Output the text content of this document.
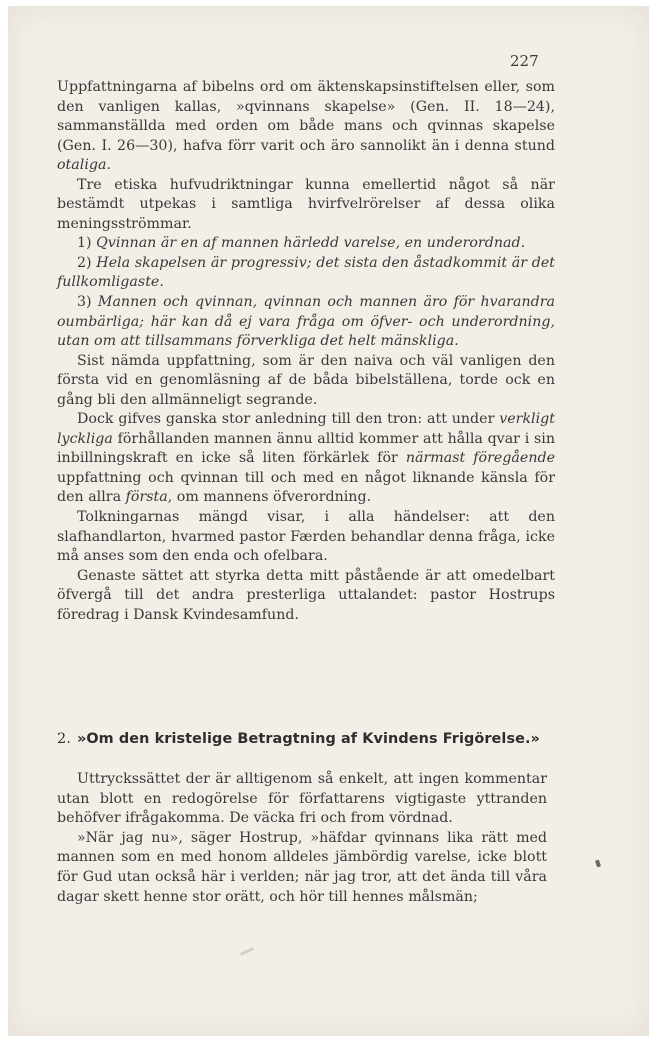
227

Uppfattningarna af bibelns ord om äktenskapsinstiftelsen eller, som den vanligen kallas, »qvinnans skapelse» (Gen. II. 18—24), sammanställda med orden om både mans och qvinnas skapelse (Gen. I. 26—30), hafva förr varit och äro sannolikt än i denna stund otaliga.

Tre etiska hufvudriktningar kunna emellertid något så när bestämdt utpekas i samtliga hvirfvelrörelser af dessa olika meningsströmmar.

1) Qvinnan är en af mannen härledd varelse, en underordnad.

2) Hela skapelsen är progressiv; det sista den åstadkommit är det fullkomligaste.

3) Mannen och qvinnan, qvinnan och mannen äro för hvarandra oumbärliga; här kan då ej vara fråga om öfver- och underordning, utan om att tillsammans förverkliga det helt mänskliga.

Sist nämda uppfattning, som är den naiva och väl vanligen den första vid en genomläsning af de båda bibelställena, torde ock en gång bli den allmänneligt segrande.

Dock gifves ganska stor anledning till den tron: att under verkligt lyckliga förhållanden mannen ännu alltid kommer att hålla qvar i sin inbillningskraft en icke så liten förkärlek för närmast föregående uppfattning och qvinnan till och med en något liknande känsla för den allra första, om mannens öfverordning.

Tolkningarnas mängd visar, i alla händelser: att den slafhandlarton, hvarmed pastor Færden behandlar denna fråga, icke må anses som den enda och ofelbara.

Genaste sättet att styrka detta mitt påstående är att omedelbart öfvergå till det andra presterliga uttalandet: pastor Hostrups föredrag i Dansk Kvindesamfund.

2. »Om den kristelige Betragtning af Kvindens Frigörelse.»

Uttryckssättet der är alltigenom så enkelt, att ingen kommentar utan blott en redogörelse för författarens vigtigaste yttranden behöfver ifrågakomma. De väcka fri och from vördnad.

»När jag nu», säger Hostrup, »häfdar qvinnans lika rätt med mannen som en med honom alldeles jämbördig varelse, icke blott för Gud utan också här i verlden; när jag tror, att det ända till våra dagar skett henne stor orätt, och hör till hennes målsmän;
